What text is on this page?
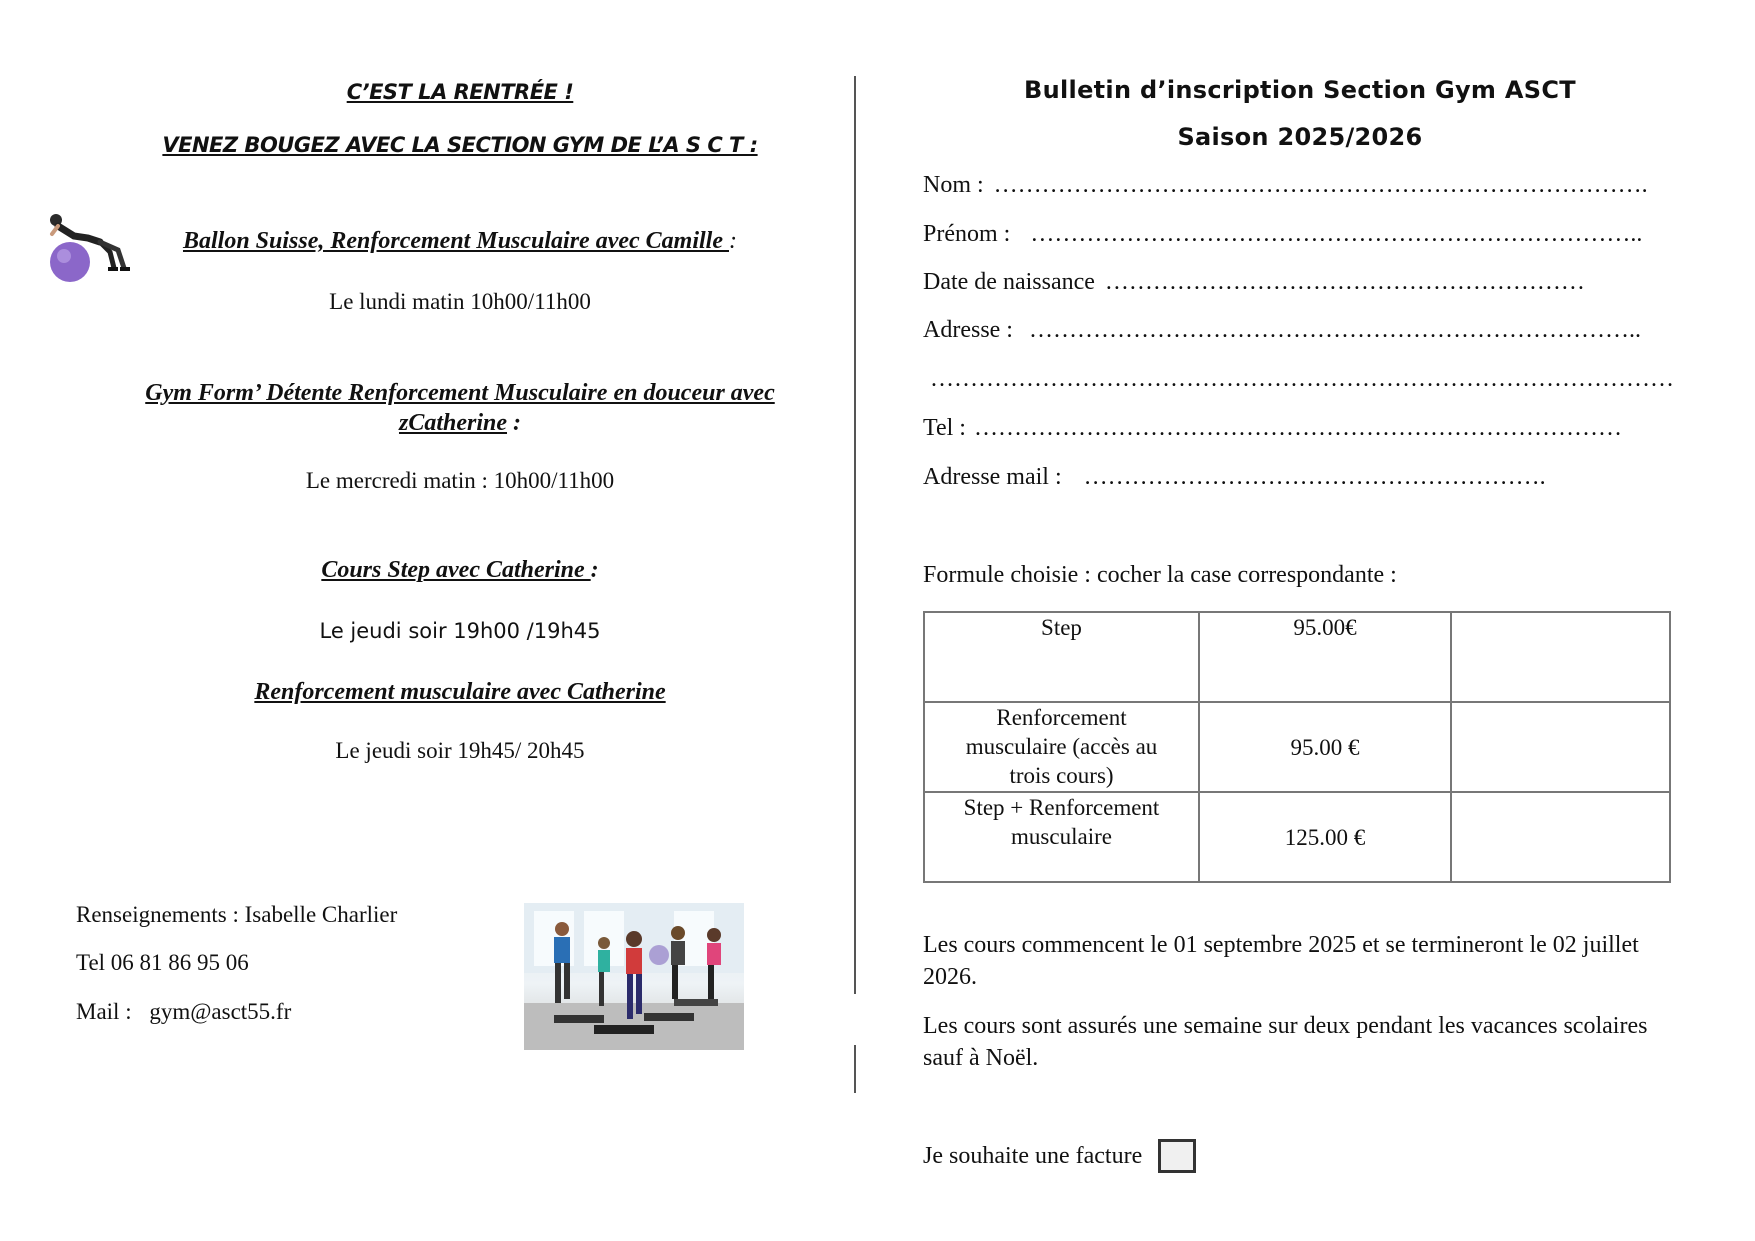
C’EST LA RENTRÉE !
VENEZ BOUGEZ AVEC LA SECTION GYM DE L’A S C T :
Ballon Suisse, Renforcement Musculaire avec Camille :
Le lundi matin 10h00/11h00
Gym Form’ Détente Renforcement Musculaire en douceur avec
zCatherine :
Le mercredi matin : 10h00/11h00
Cours Step avec Catherine :
Le jeudi soir 19h00 /19h45
Renforcement musculaire avec Catherine
Le jeudi soir 19h45/ 20h45
Renseignements : Isabelle Charlier
Tel 06 81 86 95 06
Mail : gym@asct55.fr
Bulletin d’inscription Section Gym ASCT
Saison 2025/2026
Nom : ……………………………………………………………………….
Prénom : …………………………………………………………………..
Date de naissance ……………………………………………………
Adresse : …………………………………………………………………..
…………………………………………………………………………………
Tel : ………………………………………………………………………
Adresse mail : ………………………………………………….
Formule choisie : cocher la case correspondante :
Step	95.00€	
Renforcement musculaire (accès au trois cours)	95.00 €	
Step + Renforcement musculaire	125.00 €	
Les cours commencent le 01 septembre 2025 et se termineront le 02 juillet 2026.
Les cours sont assurés une semaine sur deux pendant les vacances scolaires sauf à Noël.
Je souhaite une facture
